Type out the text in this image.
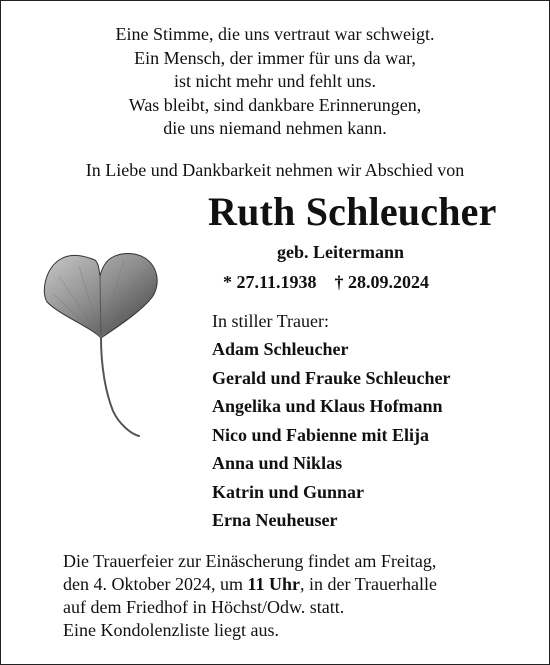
Eine Stimme, die uns vertraut war schweigt.
Ein Mensch, der immer für uns da war,
ist nicht mehr und fehlt uns.
Was bleibt, sind dankbare Erinnerungen,
die uns niemand nehmen kann.
In Liebe und Dankbarkeit nehmen wir Abschied von
Ruth Schleucher
geb. Leitermann
* 27.11.1938 † 28.09.2024
In stiller Trauer:
Adam Schleucher
Gerald und Frauke Schleucher
Angelika und Klaus Hofmann
Nico und Fabienne mit Elija
Anna und Niklas
Katrin und Gunnar
Erna Neuheuser
Die Trauerfeier zur Einäscherung findet am Freitag,
den 4. Oktober 2024, um 11 Uhr, in der Trauerhalle
auf dem Friedhof in Höchst/Odw. statt.
Eine Kondolenzliste liegt aus.
